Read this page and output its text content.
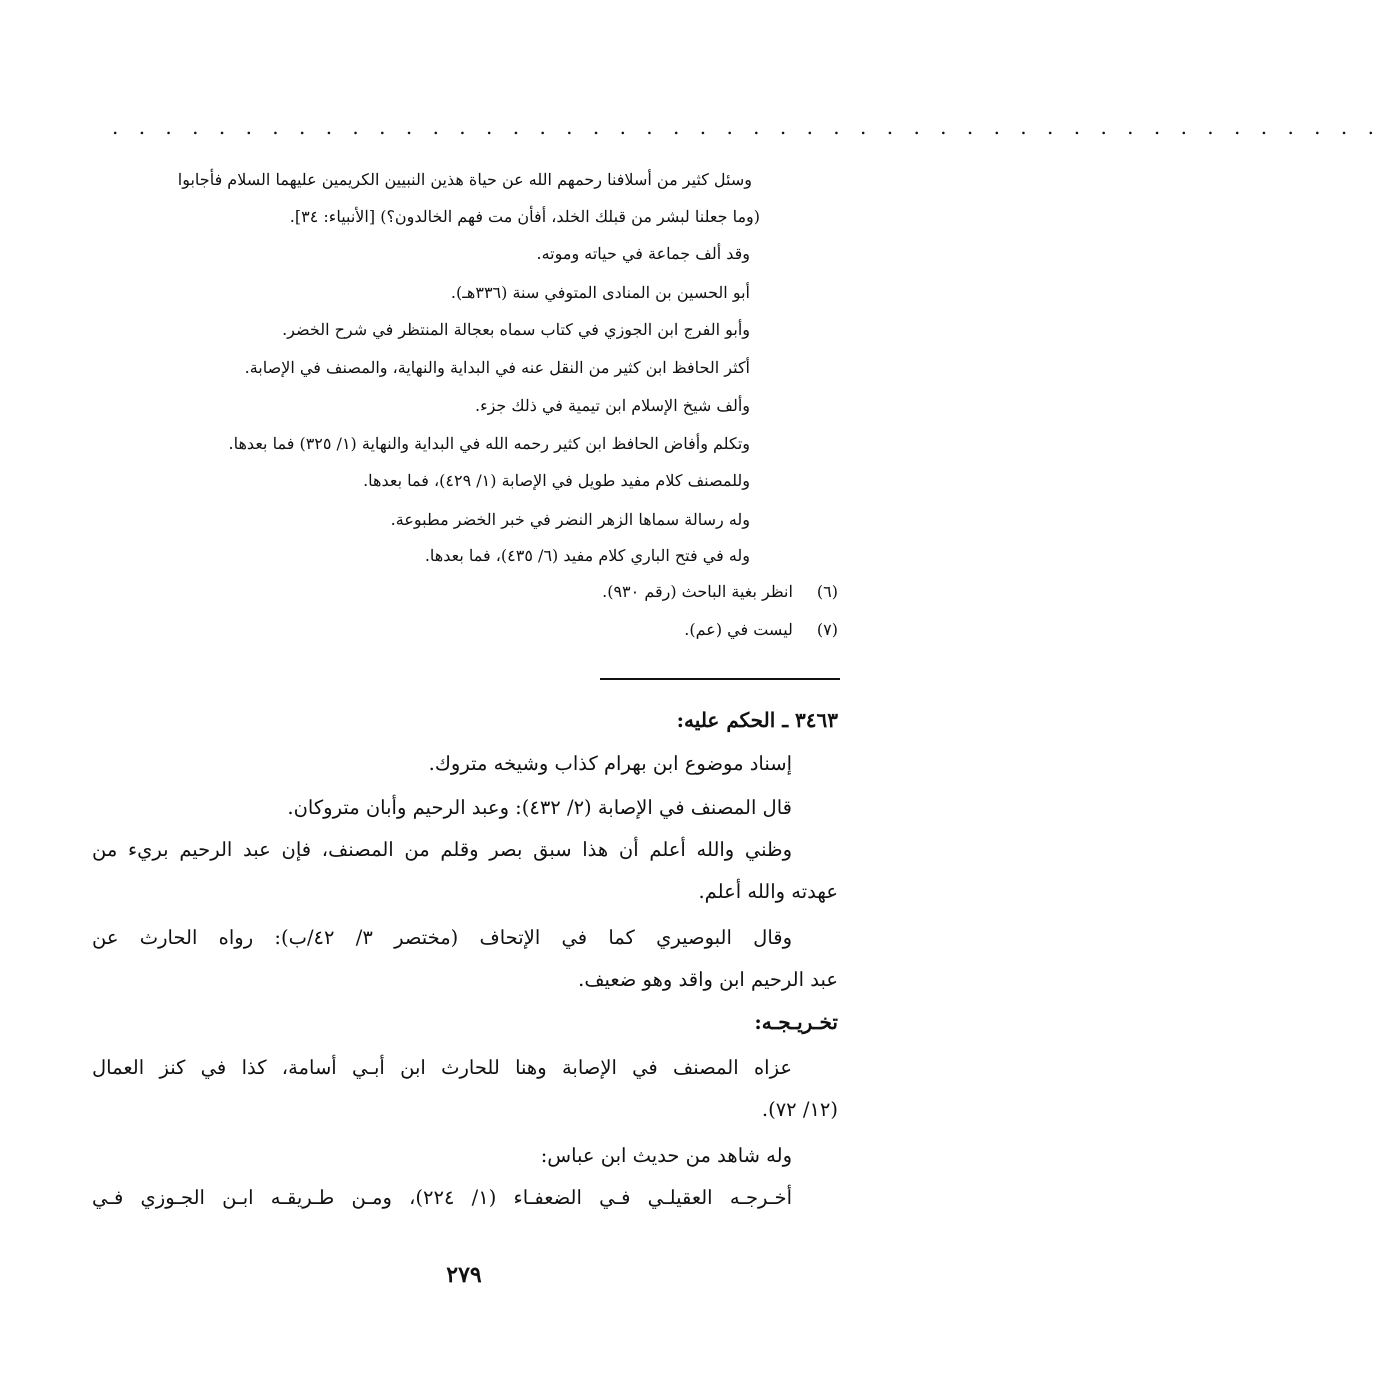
. . . . . . . . . . . . . . . . . . . . . . . . . . . . . . . . . . . . . . . . . . . . . . . .
وسئل كثير من أسلافنا رحمهم الله عن حياة هذين النبيين الكريمين عليهما السلام فأجابوا
(وما جعلنا لبشر من قبلك الخلد، أفأن مت فهم الخالدون؟) [الأنبياء: ٣٤].
وقد ألف جماعة في حياته وموته.
أبو الحسين بن المنادى المتوفي سنة (٣٣٦هـ).
وأبو الفرج ابن الجوزي في كتاب سماه بعجالة المنتظر في شرح الخضر.
أكثر الحافظ ابن كثير من النقل عنه في البداية والنهاية، والمصنف في الإصابة.
وألف شيخ الإسلام ابن تيمية في ذلك جزء.
وتكلم وأفاض الحافظ ابن كثير رحمه الله في البداية والنهاية (١/ ٣٢٥) فما بعدها.
وللمصنف كلام مفيد طويل في الإصابة (١/ ٤٢٩)، فما بعدها.
وله رسالة سماها الزهر النضر في خبر الخضر مطبوعة.
وله في فتح الباري كلام مفيد (٦/ ٤٣٥)، فما بعدها.
(٦) انظر بغية الباحث (رقم ٩٣٠).
(٧) ليست في (عم).
٣٤٦٣ ـ الحكم عليه:
إسناد موضوع ابن بهرام كذاب وشيخه متروك.
قال المصنف في الإصابة (٢/ ٤٣٢): وعبد الرحيم وأبان متروكان.
وظني والله أعلم أن هذا سبق بصر وقلم من المصنف، فإن عبد الرحيم بريء من
عهدته والله أعلم.
وقال البوصيري كما في الإتحاف (مختصر ٣/ ٤٢/ب): رواه الحارث عن
عبد الرحيم ابن واقد وهو ضعيف.
تخـريـجـه:
عزاه المصنف في الإصابة وهنا للحارث ابن أبـي أسامة، كذا في كنز العمال
(١٢/ ٧٢).
وله شاهد من حديث ابن عباس:
أخـرجـه العقيلـي فـي الضعفـاء (١/ ٢٢٤)، ومـن طـريقـه ابـن الجـوزي فـي
٢٧٩
